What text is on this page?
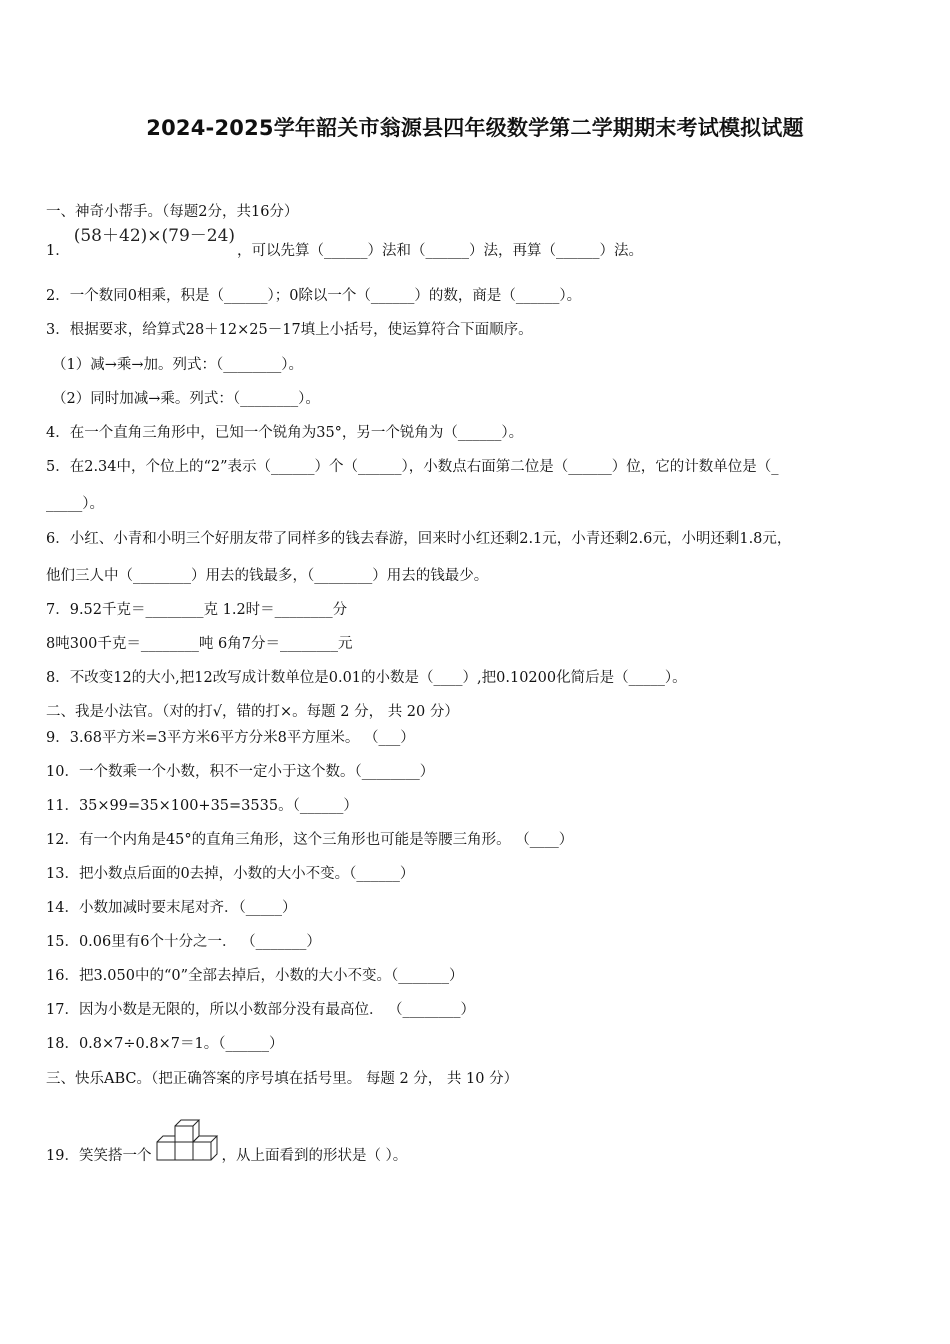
2024-2025学年韶关市翁源县四年级数学第二学期期末考试模拟试题
一、神奇小帮手。（每题2分，共16分）
1．(58＋42)×(79－24)，可以先算（______）法和（______）法，再算（______）法。
2．一个数同0相乘，积是（______）；0除以一个（______）的数，商是（______）。
3．根据要求，给算式28＋12×25－17填上小括号，使运算符合下面顺序。
（1）减→乘→加。列式：（________）。
（2）同时加减→乘。列式：（________）。
4．在一个直角三角形中，已知一个锐角为35°，另一个锐角为（______）。
5．在2.34中，个位上的“2”表示（______）个（______），小数点右面第二位是（______）位，它的计数单位是（_
_____）。
6．小红、小青和小明三个好朋友带了同样多的钱去春游，回来时小红还剩2.1元，小青还剩2.6元，小明还剩1.8元，
他们三人中（________）用去的钱最多，（________）用去的钱最少。
7．9.52千克＝________克 1.2时＝________分
8吨300千克＝________吨 6角7分＝________元
8．不改变12的大小,把12改写成计数单位是0.01的小数是（____）,把0.10200化简后是（_____）。
二、我是小法官。（对的打√，错的打×。每题 2 分， 共 20 分）
9．3.68平方米=3平方米6平方分米8平方厘米。 （___）
10．一个数乘一个小数，积不一定小于这个数。（________）
11．35×99=35×100+35=3535。（______）
12．有一个内角是45°的直角三角形，这个三角形也可能是等腰三角形。 （____）
13．把小数点后面的0去掉，小数的大小不变。（______）
14．小数加减时要末尾对齐．（_____）
15．0.06里有6个十分之一． （_______）
16．把3.050中的“0”全部去掉后，小数的大小不变。（_______）
17．因为小数是无限的，所以小数部分没有最高位． （________）
18．0.8×7÷0.8×7＝1。（______）
三、快乐ABC。（把正确答案的序号填在括号里。 每题 2 分， 共 10 分）
19．笑笑搭一个	，从上面看到的形状是（ ）。
